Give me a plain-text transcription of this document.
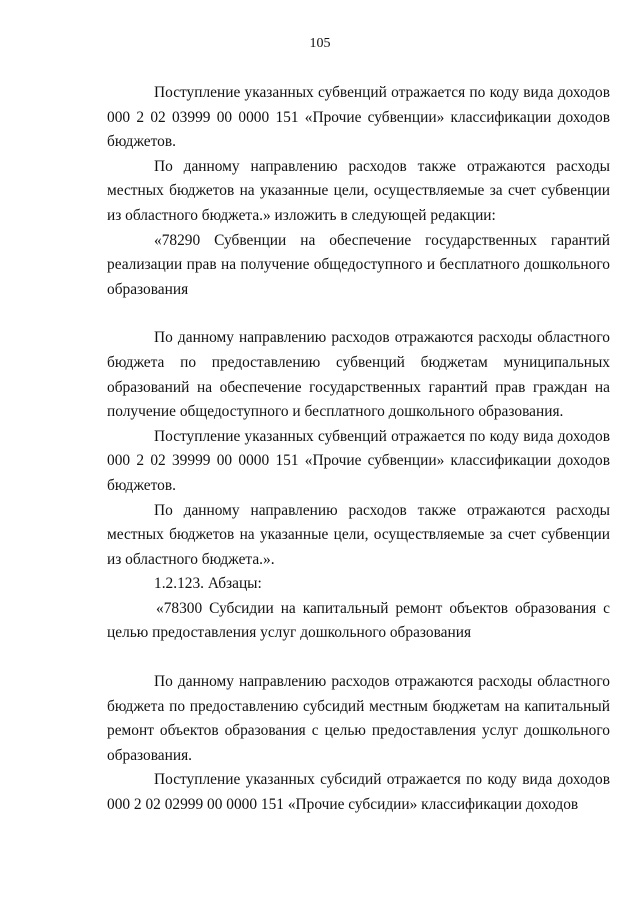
105

Поступление указанных субвенций отражается по коду вида доходов 000 2 02 03999 00 0000 151 «Прочие субвенции» классификации доходов бюджетов.

По данному направлению расходов также отражаются расходы местных бюджетов на указанные цели, осуществляемые за счет субвенции из областного бюджета.» изложить в следующей редакции:

«78290 Субвенции на обеспечение государственных гарантий реализации прав на получение общедоступного и бесплатного дошкольного образования

По данному направлению расходов отражаются расходы областного бюджета по предоставлению субвенций бюджетам муниципальных образований на обеспечение государственных гарантий прав граждан на получение общедоступного и бесплатного дошкольного образования.

Поступление указанных субвенций отражается по коду вида доходов 000 2 02 39999 00 0000 151 «Прочие субвенции» классификации доходов бюджетов.

По данному направлению расходов также отражаются расходы местных бюджетов на указанные цели, осуществляемые за счет субвенции из областного бюджета.».

1.2.123. Абзацы:

«78300 Субсидии на капитальный ремонт объектов образования с целью предоставления услуг дошкольного образования

По данному направлению расходов отражаются расходы областного бюджета по предоставлению субсидий местным бюджетам на капитальный ремонт объектов образования с целью предоставления услуг дошкольного образования.

Поступление указанных субсидий отражается по коду вида доходов 000 2 02 02999 00 0000 151 «Прочие субсидии» классификации доходов
